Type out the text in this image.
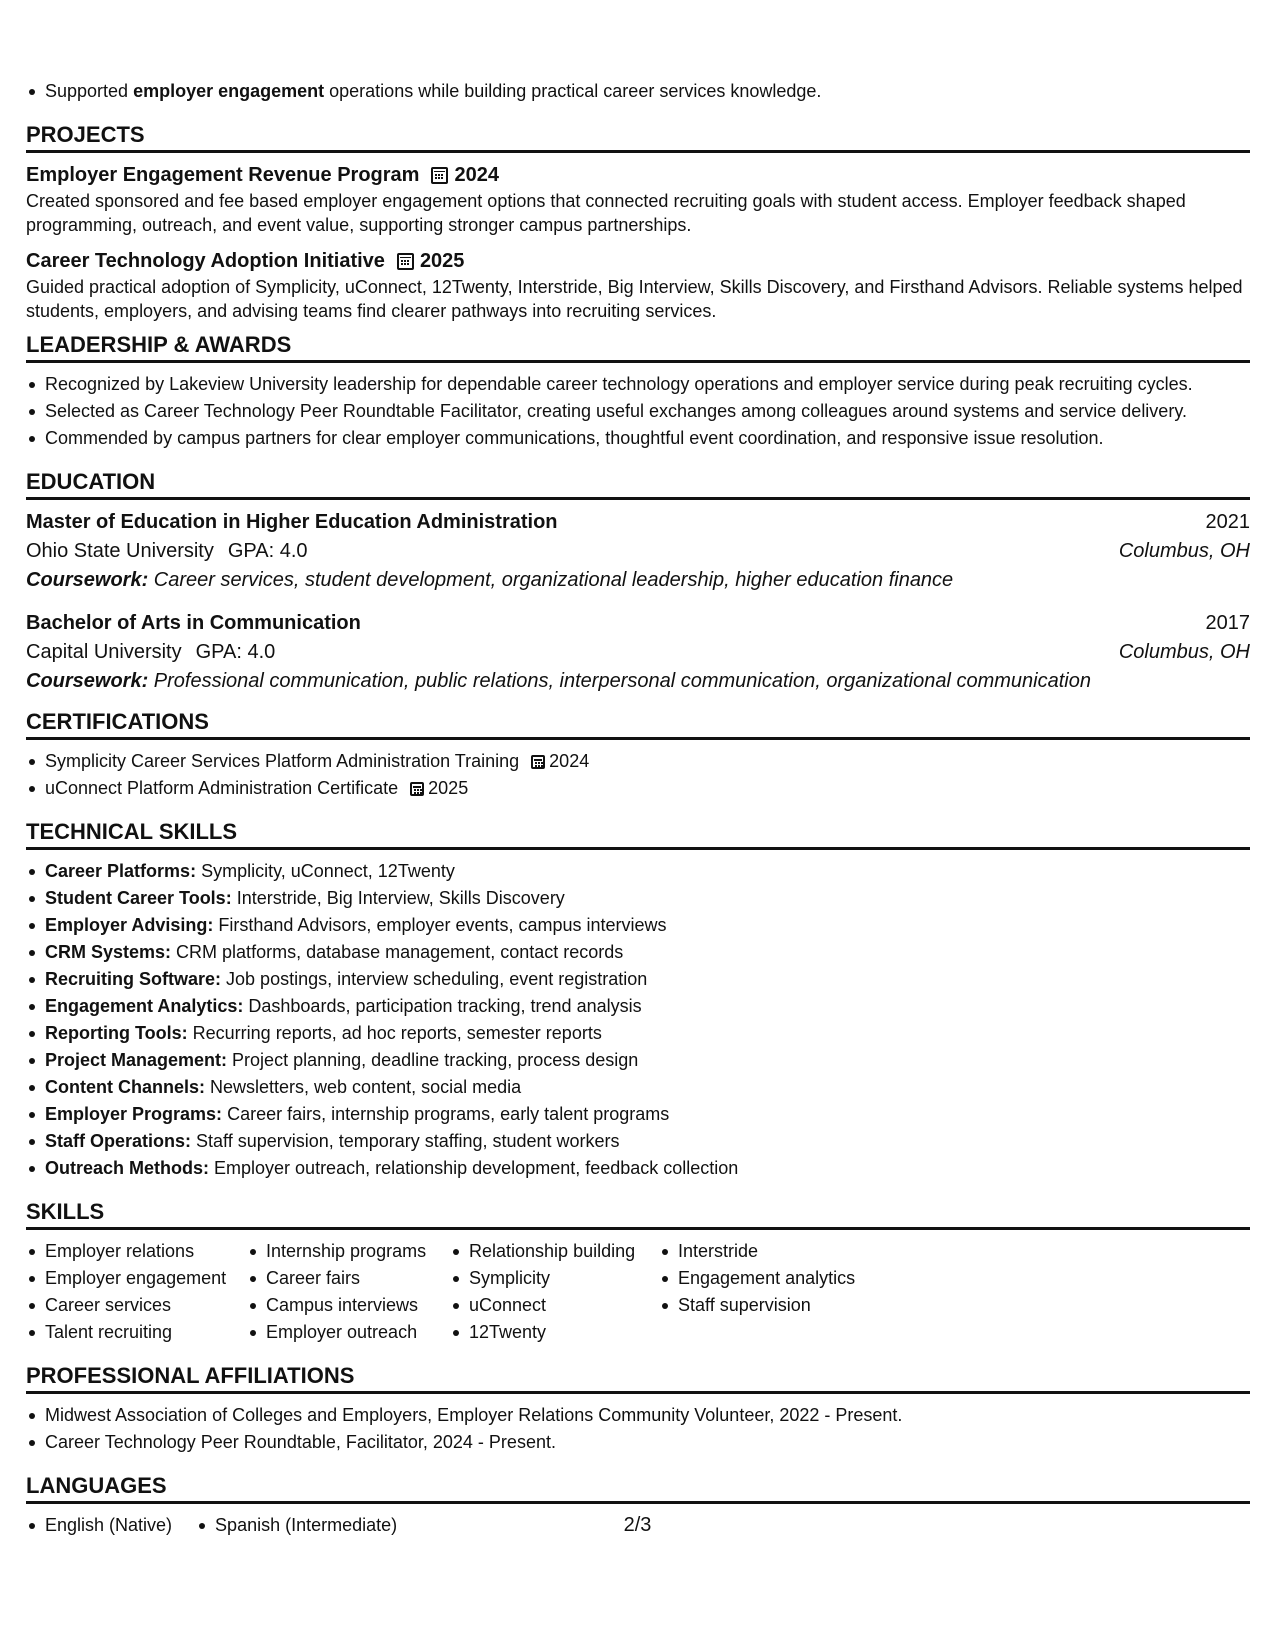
Supported employer engagement operations while building practical career services knowledge.
PROJECTS
Employer Engagement Revenue Program 2024
Created sponsored and fee based employer engagement options that connected recruiting goals with student access. Employer feedback shaped programming, outreach, and event value, supporting stronger campus partnerships.
Career Technology Adoption Initiative 2025
Guided practical adoption of Symplicity, uConnect, 12Twenty, Interstride, Big Interview, Skills Discovery, and Firsthand Advisors. Reliable systems helped students, employers, and advising teams find clearer pathways into recruiting services.
LEADERSHIP & AWARDS
Recognized by Lakeview University leadership for dependable career technology operations and employer service during peak recruiting cycles.
Selected as Career Technology Peer Roundtable Facilitator, creating useful exchanges among colleagues around systems and service delivery.
Commended by campus partners for clear employer communications, thoughtful event coordination, and responsive issue resolution.
EDUCATION
Master of Education in Higher Education Administration	2021
Ohio State University GPA: 4.0	Columbus, OH
Coursework: Career services, student development, organizational leadership, higher education finance
Bachelor of Arts in Communication	2017
Capital University GPA: 4.0	Columbus, OH
Coursework: Professional communication, public relations, interpersonal communication, organizational communication
CERTIFICATIONS
Symplicity Career Services Platform Administration Training 2024
uConnect Platform Administration Certificate 2025
TECHNICAL SKILLS
Career Platforms: Symplicity, uConnect, 12Twenty
Student Career Tools: Interstride, Big Interview, Skills Discovery
Employer Advising: Firsthand Advisors, employer events, campus interviews
CRM Systems: CRM platforms, database management, contact records
Recruiting Software: Job postings, interview scheduling, event registration
Engagement Analytics: Dashboards, participation tracking, trend analysis
Reporting Tools: Recurring reports, ad hoc reports, semester reports
Project Management: Project planning, deadline tracking, process design
Content Channels: Newsletters, web content, social media
Employer Programs: Career fairs, internship programs, early talent programs
Staff Operations: Staff supervision, temporary staffing, student workers
Outreach Methods: Employer outreach, relationship development, feedback collection
SKILLS
Employer relations
Employer engagement
Career services
Talent recruiting
Internship programs
Career fairs
Campus interviews
Employer outreach
Relationship building
Symplicity
uConnect
12Twenty
Interstride
Engagement analytics
Staff supervision
PROFESSIONAL AFFILIATIONS
Midwest Association of Colleges and Employers, Employer Relations Community Volunteer, 2022 - Present.
Career Technology Peer Roundtable, Facilitator, 2024 - Present.
LANGUAGES
English (Native)	Spanish (Intermediate)	2/3
